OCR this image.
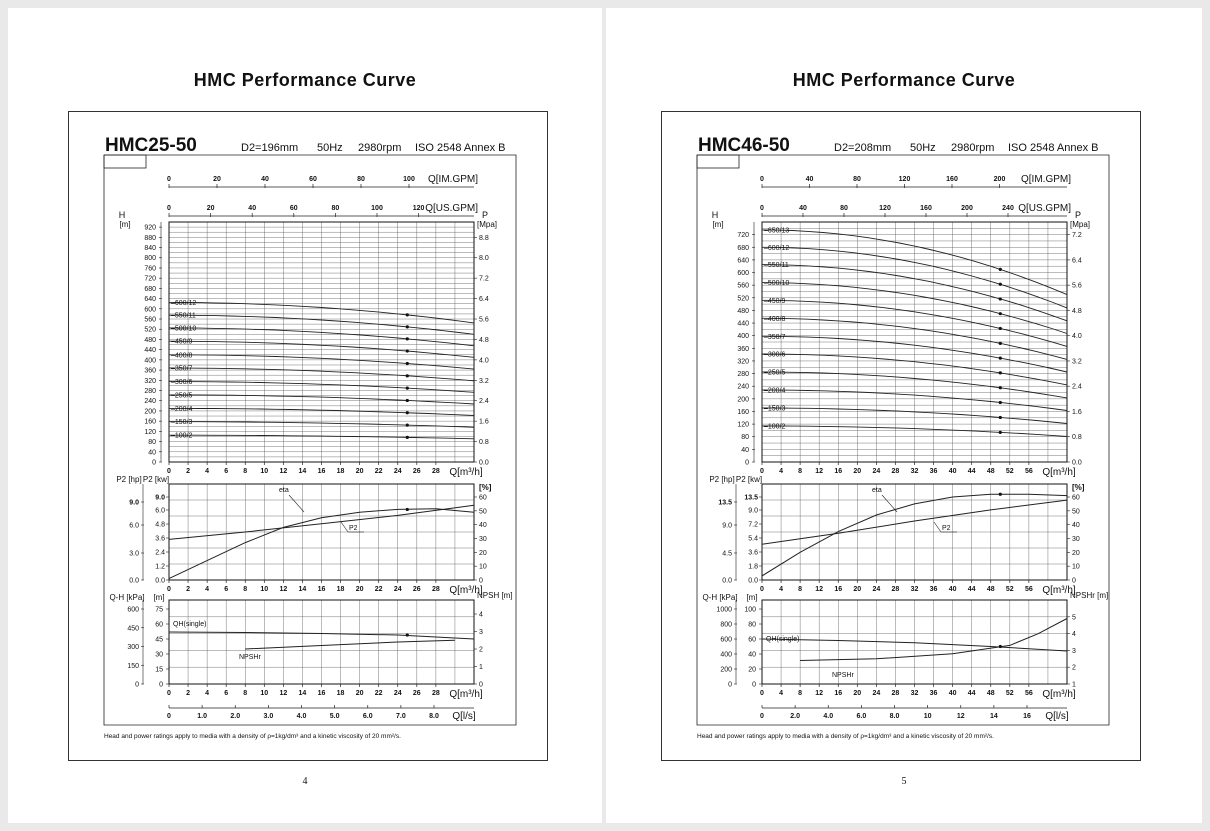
HMC Performance Curve
HMC25-50	D2=196mm 50Hz 2980rpm ISO 2548 Annex B
0	20	40	60	80	100 Q[IM.GPM]
0	20	40	60	80	100	120 Q[US.GPM]
H
[m]
0
40
80
120
160
200
240
280
320
360
400
440
480
520
560
600
640
680
720
760
800
840
880
920
P
[Mpa]
0.0
0.8
1.6
2.4
3.2
4.0
4.8
5.6
6.4
7.2
8.0
8.8
–600/12
–550/11
–500/10
–450/9
–400/8
–350/7
–300/6
–250/5
–200/4
–150/3
–100/2
0 2 4 6 8 10 12 14 16 18 20 22 24 26 28 Q[m³/h]
0.0
1.2
2.4
3.6
4.8
6.0
9.0
0.0
3.0
6.0
9.0
P2 [hp] P2 [kw]
0
10
20
30
40
50
60
[%]
eta
P2
0 2 4 6 8 10 12 14 16 18 20 22 24 26 28 Q[m³/h]
0
15
30
45
60
75
0
150
300
450
600
Q-H [kPa] [m]
0
1
2
3
4
NPSH [m]
QH(single)
NPSHr
0 2 4 6 8 10 12 14 16 18 20 22 24 26 28 Q[m³/h]
0	1.0	2.0	3.0	4.0	5.0	6.0	7.0	8.0 Q[l/s]
Head and power ratings apply to media with a density of ρ=1kg/dm³ and a kinetic viscosity of 20 mm²/s.
4
HMC Performance Curve
HMC46-50	D2=208mm 50Hz 2980rpm ISO 2548 Annex B
0	40	80	120	160	200 Q[IM.GPM]
0	40	80	120	160	200	240 Q[US.GPM]
H
[m]
0
40
80
120
160
200
240
280
320
360
400
440
480
520
560
600
640
680
720
P
[Mpa]
0.0
0.8
1.6
2.4
3.2
4.0
4.8
5.6
6.4
7.2
–650/13
–600/12
–550/11
–500/10
–450/9
–400/8
–350/7
–300/6
–250/5
–200/4
–150/3
–100/2
0 4 8 12 16 20 24 28 32 36 40 44 48 52 56 Q[m³/h]
0.0
1.8
3.6
5.4
7.2
9.0
13.5
0.0
4.5
9.0
13.5
P2 [hp] P2 [kw]
0
10
20
30
40
50
60
[%]
eta
P2
0 4 8 12 16 20 24 28 32 36 40 44 48 52 56 Q[m³/h]
0
20
40
60
80
100
0
200
400
600
800
1000
Q-H [kPa] [m]
1
2
3
4
5
NPSHr [m]
QH(single)
NPSHr
0 4 8 12 16 20 24 28 32 36 40 44 48 52 56 Q[m³/h]
0	2.0	4.0	6.0	8.0	10	12	14	16 Q[l/s]
Head and power ratings apply to media with a density of ρ=1kg/dm³ and a kinetic viscosity of 20 mm²/s.
5
